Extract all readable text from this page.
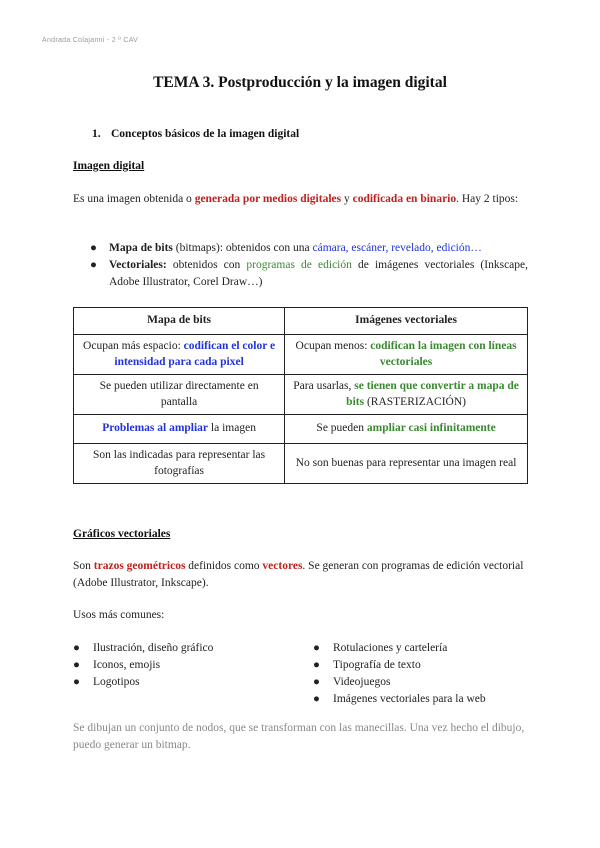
Andrada Colajanni - 2 º CAV
TEMA 3. Postproducción y la imagen digital
1. Conceptos básicos de la imagen digital
Imagen digital
Es una imagen obtenida o generada por medios digitales y codificada en binario. Hay 2 tipos:
● Mapa de bits (bitmaps): obtenidos con una cámara, escáner, revelado, edición…
● Vectoriales: obtenidos con programas de edición de imágenes vectoriales (Inkscape, Adobe Illustrator, Corel Draw…)
Mapa de bits	Imágenes vectoriales
Ocupan más espacio: codifican el color e intensidad para cada pixel	Ocupan menos: codifican la imagen con líneas vectoriales
Se pueden utilizar directamente en pantalla	Para usarlas, se tienen que convertir a mapa de bits (RASTERIZACIÓN)
Problemas al ampliar la imagen	Se pueden ampliar casi infinitamente
Son las indicadas para representar las fotografías	No son buenas para representar una imagen real
Gráficos vectoriales
Son trazos geométricos definidos como vectores. Se generan con programas de edición vectorial (Adobe Illustrator, Inkscape).
Usos más comunes:
● Ilustración, diseño gráfico
● Iconos, emojis
● Logotipos
● Rotulaciones y cartelería
● Tipografía de texto
● Videojuegos
● Imágenes vectoriales para la web
Se dibujan un conjunto de nodos, que se transforman con las manecillas. Una vez hecho el dibujo, puedo generar un bitmap.
